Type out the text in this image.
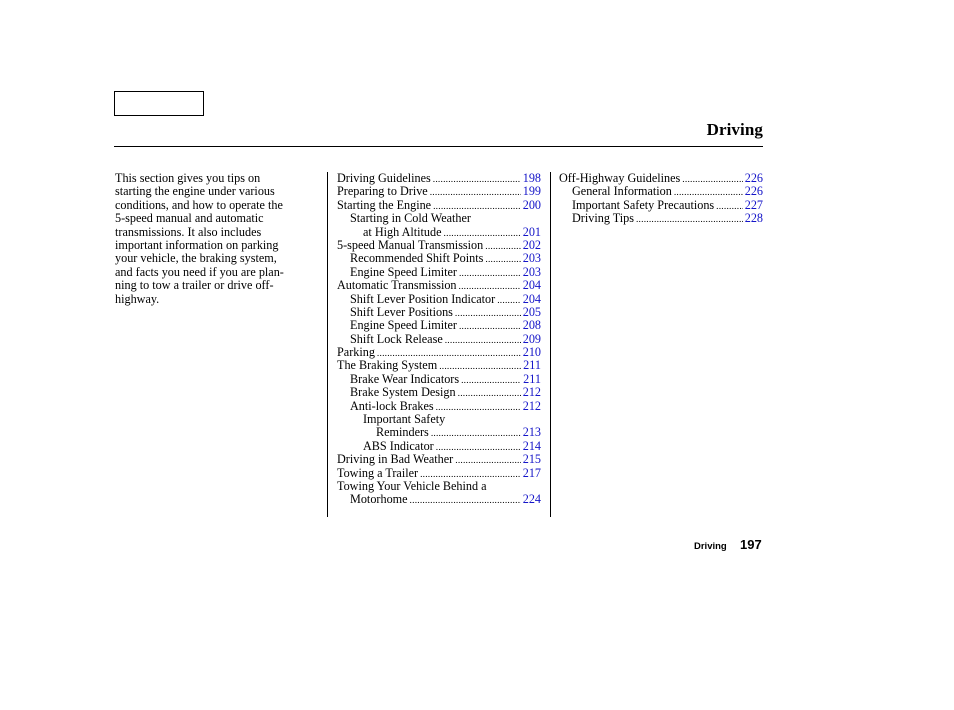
Driving
This section gives you tips on
starting the engine under various
conditions, and how to operate the
5-speed manual and automatic
transmissions. It also includes
important information on parking
your vehicle, the braking system,
and facts you need if you are plan-
ning to tow a trailer or drive off-
highway.
Driving Guidelines .....	198
Preparing to Drive .....	199
Starting the Engine .....	200
Starting in Cold Weather
at High Altitude .....	201
5-speed Manual Transmission .....	202
Recommended Shift Points .....	203
Engine Speed Limiter .....	203
Automatic Transmission .....	204
Shift Lever Position Indicator ..... 204
Shift Lever Positions .....	205
Engine Speed Limiter .....	208
Shift Lock Release .....	209
Parking .....	210
The Braking System .....	211
Brake Wear Indicators .....	211
Brake System Design .....	212
Anti-lock Brakes .....	212
Important Safety
Reminders .....	213
ABS Indicator .....	214
Driving in Bad Weather .....	215
Towing a Trailer .....	217
Towing Your Vehicle Behind a
Motorhome .....	224
Off-Highway Guidelines .....	226
General Information .....	226
Important Safety Precautions .....	227
Driving Tips .....	228
Driving 197
